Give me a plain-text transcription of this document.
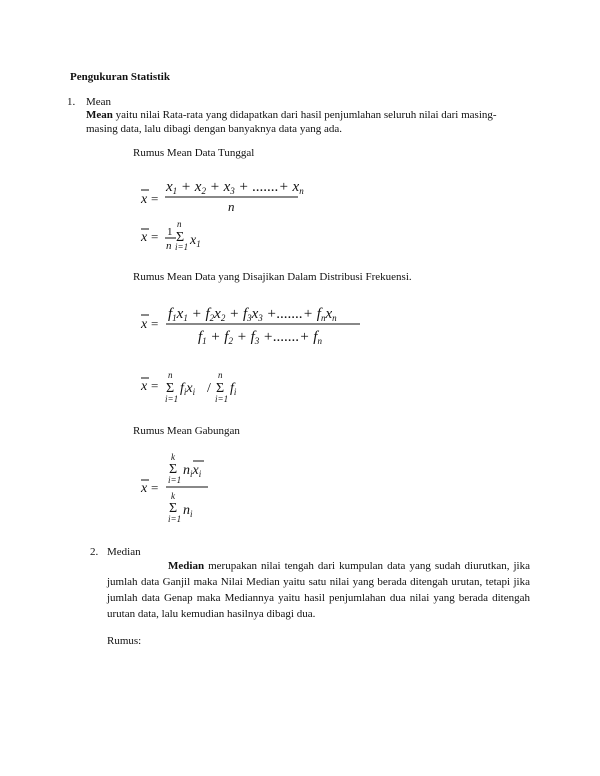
Pengukuran Statistik
1. Mean
Mean yaitu nilai Rata-rata yang didapatkan dari hasil penjumlahan seluruh nilai dari masing-
masing data, lalu dibagi dengan banyaknya data yang ada.
Rumus Mean Data Tunggal
x =
$x_1 + x_2 + x_3$ + .......+ $x_n$
n
x = 1
n
n
Σ
i=1 $x_1$
Rumus Mean Data yang Disajikan Dalam Distribusi Frekuensi.
x =
$f_1x_1 + f_2x_2 + f_3x_3$ +.......+ $f_nx_n$
$f_1 + f_2 + f_3$ +.......+ $f_n$
x =
n
Σ
i=1
$f_ix_i$ /
n
Σ
i=1
$f_i$
Rumus Mean Gabungan
x =
k
Σ
i=1
$n_ix_i$
k
Σ
i=1
$n_i$
2. Median
Median merupakan nilai tengah dari kumpulan data yang sudah diurutkan, jika
jumlah data Ganjil maka Nilai Median yaitu satu nilai yang berada ditengah urutan, tetapi jika jumlah data Genap maka Mediannya yaitu hasil penjumlahan dua nilai yang berada ditengah urutan data, lalu kemudian hasilnya dibagi dua.
Rumus:
